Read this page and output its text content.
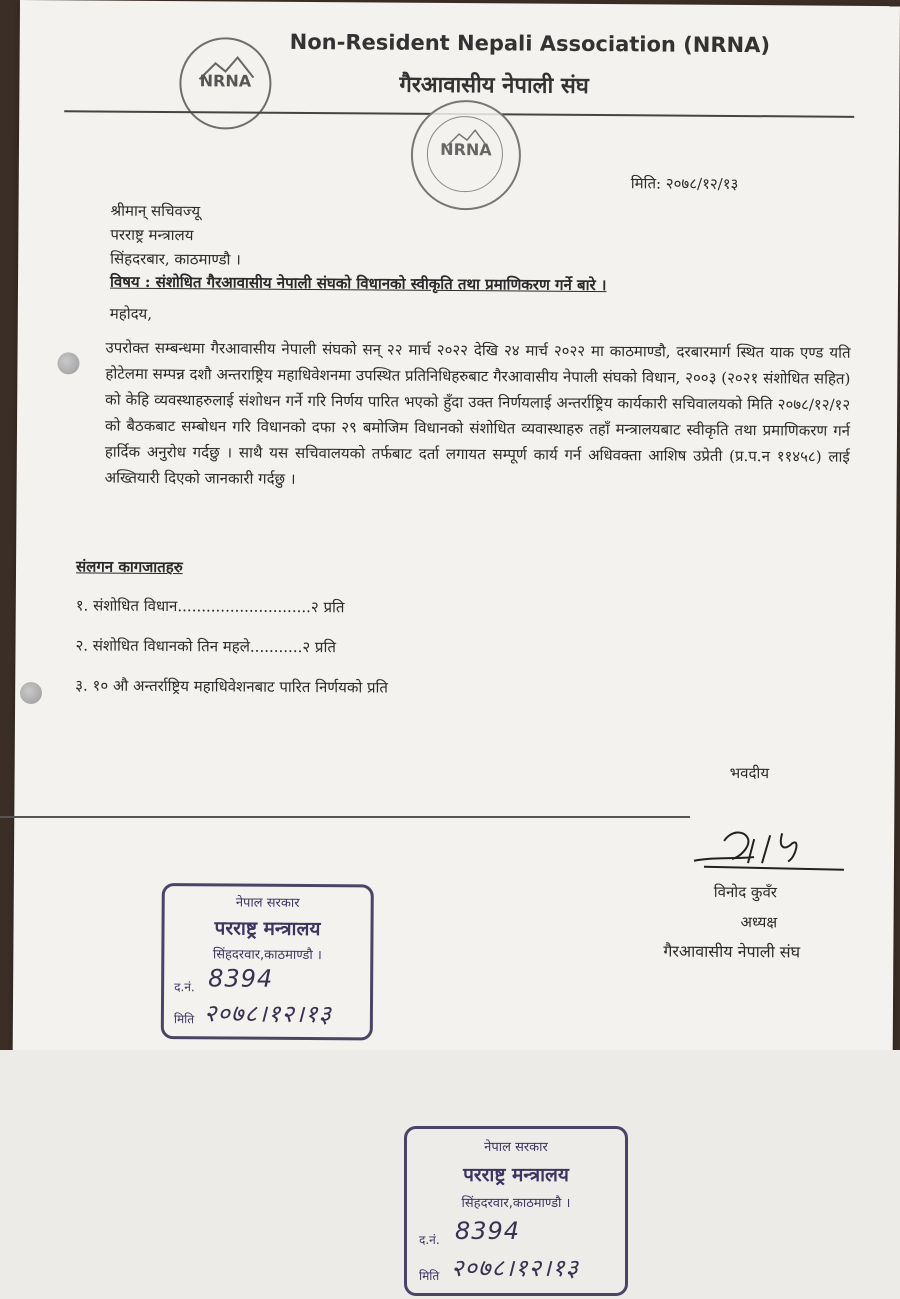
NRNA
Non-Resident Nepali Association (NRNA)
गैरआवासीय नेपाली संघ
NRNA
मिति: २०७८/१२/१३
श्रीमान् सचिवज्यू
परराष्ट्र मन्त्रालय
सिंहदरबार, काठमाण्डौ ।
विषय : संशोधित गैरआवासीय नेपाली संघको विधानको स्वीकृति तथा प्रमाणिकरण गर्ने बारे ।
महोदय,
उपरोक्त सम्बन्धमा गैरआवासीय नेपाली संघको सन् २२ मार्च २०२२ देखि २४ मार्च २०२२ मा काठमाण्डौ, दरबारमार्ग स्थित याक एण्ड यति होटेलमा सम्पन्न दशौ अन्तराष्ट्रिय महाधिवेशनमा उपस्थित प्रतिनिधिहरुबाट गैरआवासीय नेपाली संघको विधान, २००३ (२०२१ संशोधित सहित) को केहि व्यवस्थाहरुलाई संशोधन गर्ने गरि निर्णय पारित भएको हुँदा उक्त निर्णयलाई अन्तर्राष्ट्रिय कार्यकारी सचिवालयको मिति २०७८/१२/१२ को बैठकबाट सम्बोधन गरि विधानको दफा २९ बमोजिम विधानको संशोधित व्यवास्थाहरु तहाँ मन्त्रालयबाट स्वीकृति तथा प्रमाणिकरण गर्न हार्दिक अनुरोध गर्दछु । साथै यस सचिवालयको तर्फबाट दर्ता लगायत सम्पूर्ण कार्य गर्न अधिवक्ता आशिष उप्रेती (प्र.प.न ११४५८) लाई अख्तियारी दिएको जानकारी गर्दछु ।
संलगन कागजातहरु
१. संशोधित विधान............................२ प्रति
२. संशोधित विधानको तिन महले...........२ प्रति
३. १० औ अन्तर्राष्ट्रिय महाधिवेशनबाट पारित निर्णयको प्रति
भवदीय
विनोद कुवँर
अध्यक्ष
गैरआवासीय नेपाली संघ
नेपाल सरकार
परराष्ट्र मन्त्रालय
सिंहदरवार,काठमाण्डौ ।
द.नं. 8394
मिति २०७८।१२।१३
नेपाल सरकार
परराष्ट्र मन्त्रालय
सिंहदरवार,काठमाण्डौ ।
द.नं. 8394
मिति २०७८।१२।१३
